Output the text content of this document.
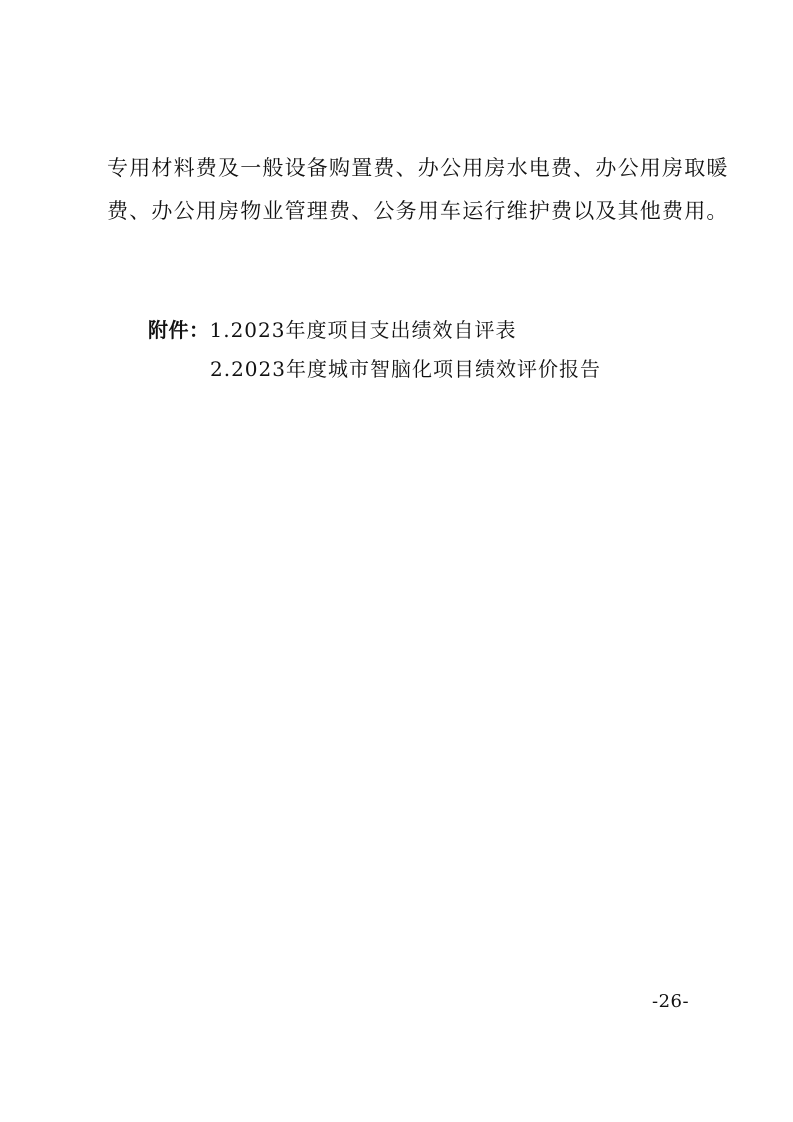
专用材料费及一般设备购置费、办公用房水电费、办公用房取暖
费、办公用房物业管理费、公务用车运行维护费以及其他费用。
附件：1.2023年度项目支出绩效自评表
2.2023年度城市智脑化项目绩效评价报告
-26-
